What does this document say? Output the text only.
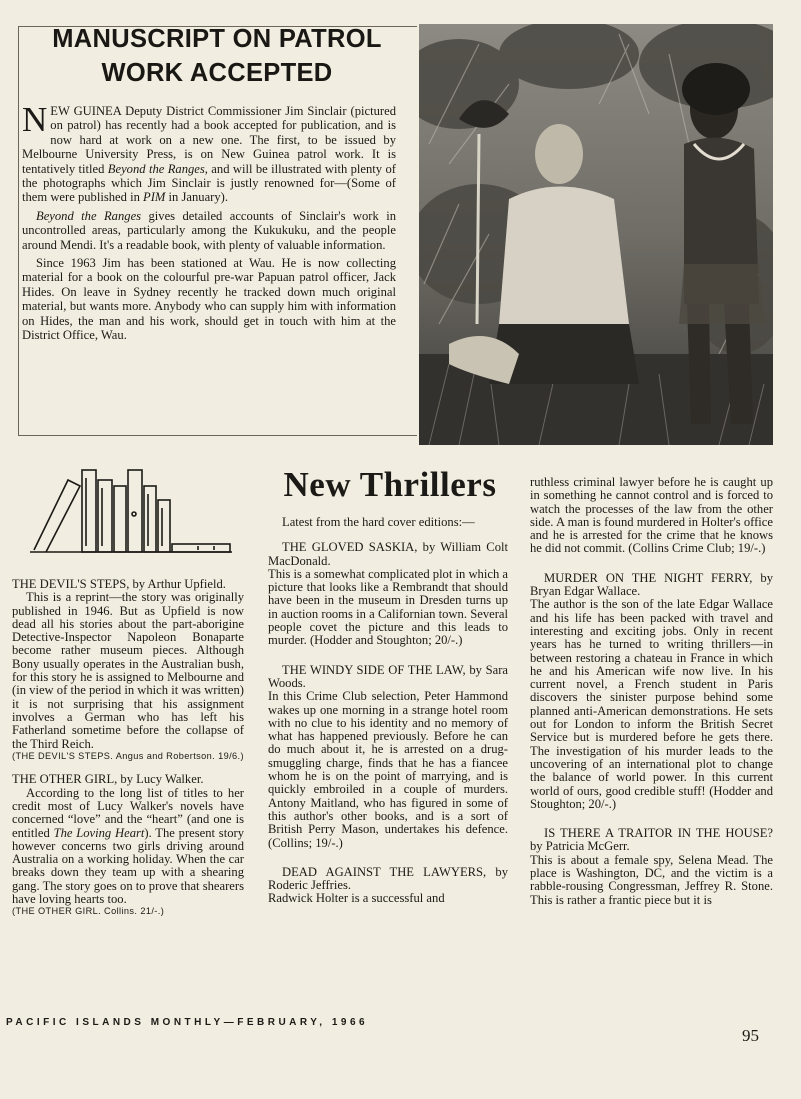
MANUSCRIPT ON PATROL
WORK ACCEPTED

NEW GUINEA Deputy District Commissioner Jim Sinclair (pictured on patrol) has recently had a book accepted for publication, and is now hard at work on a new one. The first, to be issued by Melbourne University Press, is on New Guinea patrol work. It is tentatively titled Beyond the Ranges, and will be illustrated with plenty of the photographs which Jim Sinclair is justly renowned for—(Some of them were published in PIM in January).

Beyond the Ranges gives detailed accounts of Sinclair's work in uncontrolled areas, particularly among the Kukukuku, and the people around Mendi. It's a readable book, with plenty of valuable information.

Since 1963 Jim has been stationed at Wau. He is now collecting material for a book on the colourful pre-war Papuan patrol officer, Jack Hides. On leave in Sydney recently he tracked down much original material, but wants more. Anybody who can supply him with information on Hides, the man and his work, should get in touch with him at the District Office, Wau.

New Thrillers

THE DEVIL'S STEPS, by Arthur Upfield.

This is a reprint—the story was originally published in 1946. But as Upfield is now dead all his stories about the part-aborigine Detective-Inspector Napoleon Bonaparte become rather museum pieces. Although Bony usually operates in the Australian bush, for this story he is assigned to Melbourne and (in view of the period in which it was written) it is not surprising that his assignment involves a German who has left his Fatherland sometime before the collapse of the Third Reich.

(THE DEVIL'S STEPS. Angus and Robertson. 19/6.)

THE OTHER GIRL, by Lucy Walker.

According to the long list of titles to her credit most of Lucy Walker's novels have concerned “love” and the “heart” (and one is entitled The Loving Heart). The present story however concerns two girls driving around Australia on a working holiday. When the car breaks down they team up with a shearing gang. The story goes on to prove that shearers have loving hearts too.

(THE OTHER GIRL. Collins. 21/-.)

Latest from the hard cover editions:—

THE GLOVED SASKIA, by William Colt MacDonald.

This is a somewhat complicated plot in which a picture that looks like a Rembrandt that should have been in the museum in Dresden turns up in auction rooms in a Californian town. Several people covet the picture and this leads to murder. (Hodder and Stoughton; 20/-.)

THE WINDY SIDE OF THE LAW, by Sara Woods.

In this Crime Club selection, Peter Hammond wakes up one morning in a strange hotel room with no clue to his identity and no memory of what has happened previously. Before he can do much about it, he is arrested on a drug-smuggling charge, finds that he has a fiancee whom he is on the point of marrying, and is quickly embroiled in a couple of murders. Antony Maitland, who has figured in some of this author's other books, and is a sort of British Perry Mason, undertakes his defence. (Collins; 19/-.)

DEAD AGAINST THE LAWYERS, by Roderic Jeffries.

Radwick Holter is a successful and

ruthless criminal lawyer before he is caught up in something he cannot control and is forced to watch the processes of the law from the other side. A man is found murdered in Holter's office and he is arrested for the crime that he knows he did not commit. (Collins Crime Club; 19/-.)

MURDER ON THE NIGHT FERRY, by Bryan Edgar Wallace.

The author is the son of the late Edgar Wallace and his life has been packed with travel and interesting and exciting jobs. Only in recent years has he turned to writing thrillers—in between restoring a chateau in France in which he and his American wife now live. In his current novel, a French student in Paris discovers the sinister purpose behind some planned anti-American demonstrations. He sets out for London to inform the British Secret Service but is murdered before he gets there. The investigation of his murder leads to the uncovering of an international plot to change the balance of world power. In this current world of ours, good credible stuff! (Hodder and Stoughton; 20/-.)

IS THERE A TRAITOR IN THE HOUSE? by Patricia McGerr.

This is about a female spy, Selena Mead. The place is Washington, DC, and the victim is a rabble-rousing Congressman, Jeffrey R. Stone. This is rather a frantic piece but it is

PACIFIC ISLANDS MONTHLY—FEBRUARY, 1966

95
